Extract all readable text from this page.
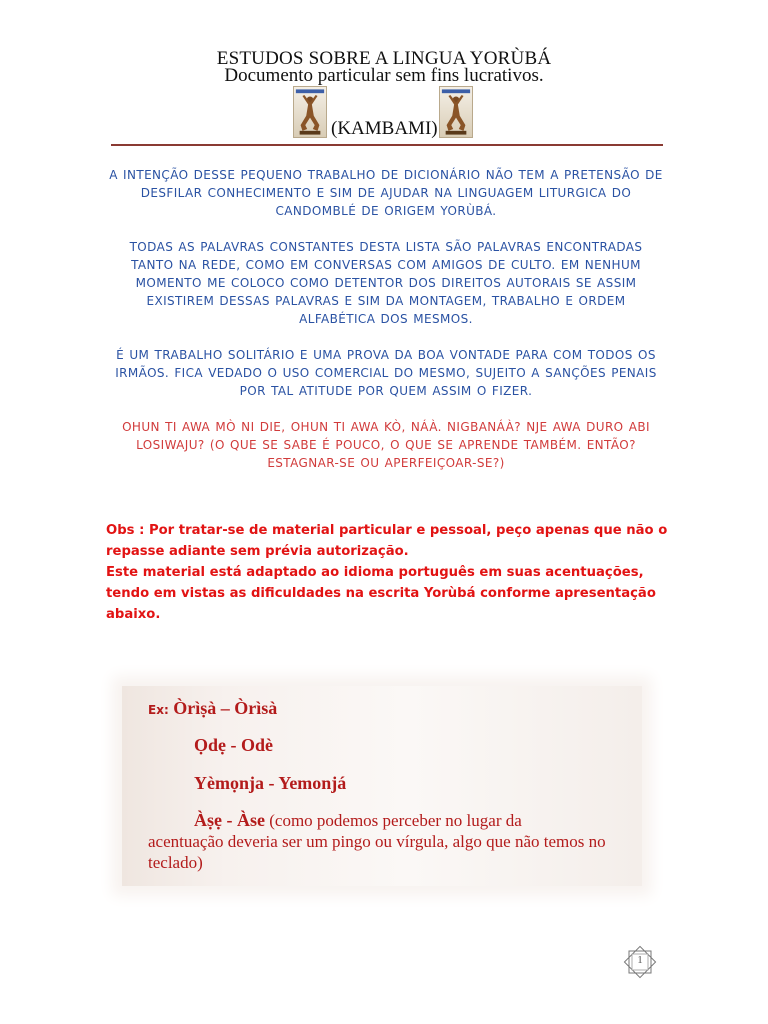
ESTUDOS SOBRE A LINGUA YORÙBÁ
Documento particular sem fins lucrativos.
(KAMBAMI)

A INTENÇÃO DESSE PEQUENO TRABALHO DE DICIONÁRIO NÃO TEM A PRETENSÃO DE DESFILAR CONHECIMENTO E SIM DE AJUDAR NA LINGUAGEM LITURGICA DO CANDOMBLÉ DE ORIGEM YORÙBÁ.

TODAS AS PALAVRAS CONSTANTES DESTA LISTA SÃO PALAVRAS ENCONTRADAS TANTO NA REDE, COMO EM CONVERSAS COM AMIGOS DE CULTO. EM NENHUM MOMENTO ME COLOCO COMO DETENTOR DOS DIREITOS AUTORAIS SE ASSIM EXISTIREM DESSAS PALAVRAS E SIM DA MONTAGEM, TRABALHO E ORDEM ALFABÉTICA DOS MESMOS.

É UM TRABALHO SOLITÁRIO E UMA PROVA DA BOA VONTADE PARA COM TODOS OS IRMÃOS. FICA VEDADO O USO COMERCIAL DO MESMO, SUJEITO A SANÇÕES PENAIS POR TAL ATITUDE POR QUEM ASSIM O FIZER.

OHUN TI AWA MÒ NI DIE, OHUN TI AWA KÒ, NÁÀ. NIGBANÁÀ? NJE AWA DURO ABI LOSIWAJU? (O QUE SE SABE É POUCO, O QUE SE APRENDE TAMBÉM. ENTÃO? ESTAGNAR-SE OU APERFEIÇOAR-SE?)

Obs : Por tratar-se de material particular e pessoal, peço apenas que não o repasse adiante sem prévia autorização.

Este material está adaptado ao idioma português em suas acentuações, tendo em vistas as dificuldades na escrita Yorùbá conforme apresentação abaixo.

Ex: Òrìṣà – Òrìsà
Ọdẹ - Odè
Yèmọnja - Yemonjá
Àṣẹ - Àse (como podemos perceber no lugar da
acentuação deveria ser um pingo ou vírgula, algo que não temos no teclado)
1
